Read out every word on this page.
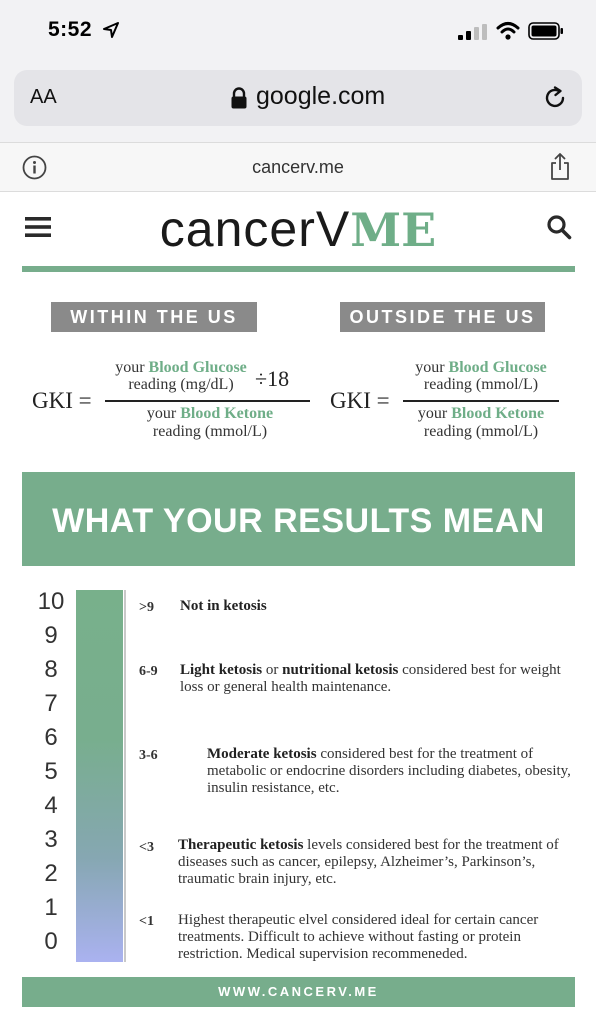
5:52
AA	google.com
cancerv.me
cancerVME
WITHIN THE US	OUTSIDE THE US
GKI =
your Blood Glucose
reading (mg/dL) ÷18
your Blood Ketone
reading (mmol/L)
GKI =
your Blood Glucose
reading (mmol/L)
your Blood Ketone
reading (mmol/L)
WHAT YOUR RESULTS MEAN
10
9
8
7
6
5
4
3
2
1
0
>9 Not in ketosis
6-9 Light ketosis or nutritional ketosis considered best for weight loss or general health maintenance.
3-6	Moderate ketosis considered best for the treatment of metabolic or endocrine disorders including diabetes, obesity, insulin resistance, etc.
<3 Therapeutic ketosis levels considered best for the treatment of diseases such as cancer, epilepsy, Alzheimer’s, Parkinson’s, traumatic brain injury, etc.
<1 Highest therapeutic elvel considered ideal for certain cancer treatments. Difficult to achieve without fasting or protein restriction. Medical supervision recommeneded.
WWW.CANCERV.ME
